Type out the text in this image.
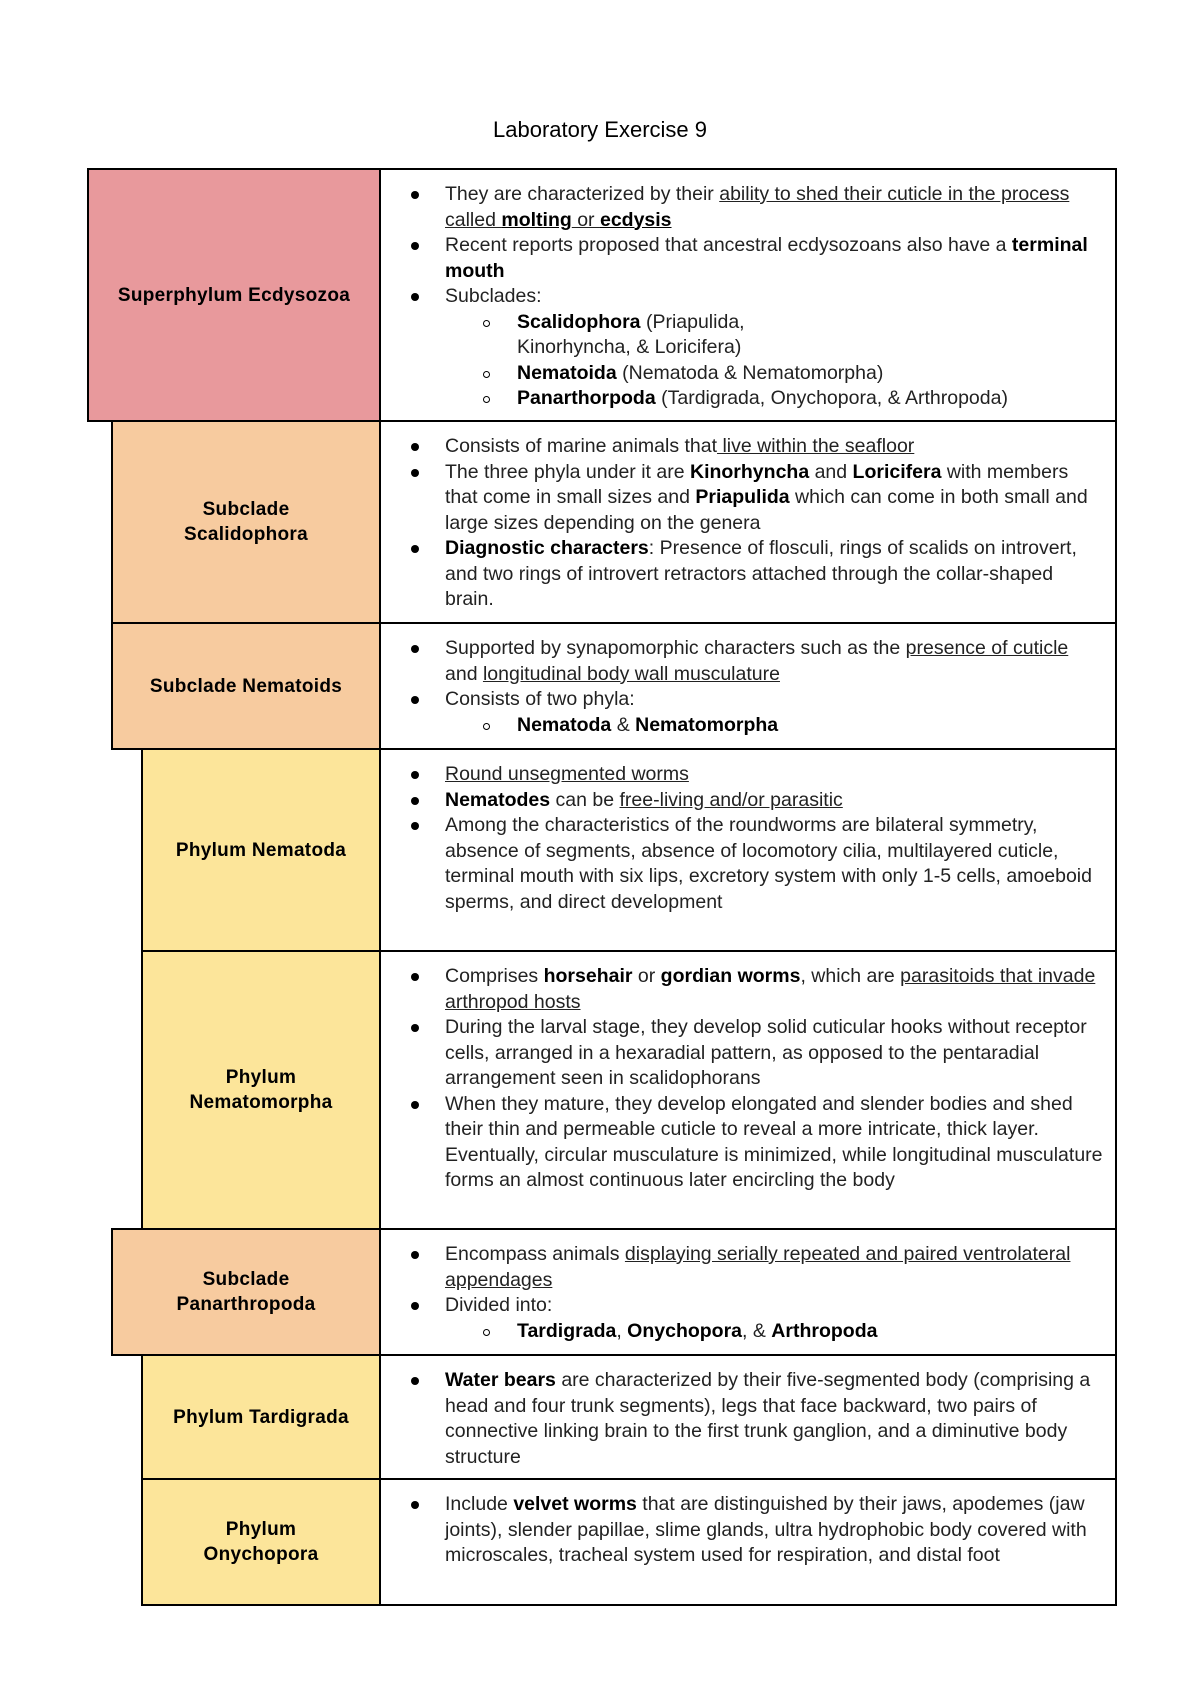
Laboratory Exercise 9
Superphylum Ecdysozoa
They are characterized by their ability to shed their cuticle in the process called molting or ecdysis
Recent reports proposed that ancestral ecdysozoans also have a terminal mouth
Subclades:
Scalidophora (Priapulida, Kinorhyncha, & Loricifera)
Nematoida (Nematoda & Nematomorpha)
Panarthorpoda (Tardigrada, Onychopora, & Arthropoda)
Subclade Scalidophora
Consists of marine animals that live within the seafloor
The three phyla under it are Kinorhyncha and Loricifera with members that come in small sizes and Priapulida which can come in both small and large sizes depending on the genera
Diagnostic characters: Presence of flosculi, rings of scalids on introvert, and two rings of introvert retractors attached through the collar-shaped brain.
Subclade Nematoids
Supported by synapomorphic characters such as the presence of cuticle and longitudinal body wall musculature
Consists of two phyla:
Nematoda & Nematomorpha
Phylum Nematoda
Round unsegmented worms
Nematodes can be free-living and/or parasitic
Among the characteristics of the roundworms are bilateral symmetry, absence of segments, absence of locomotory cilia, multilayered cuticle, terminal mouth with six lips, excretory system with only 1-5 cells, amoeboid sperms, and direct development
Phylum Nematomorpha
Comprises horsehair or gordian worms, which are parasitoids that invade arthropod hosts
During the larval stage, they develop solid cuticular hooks without receptor cells, arranged in a hexaradial pattern, as opposed to the pentaradial arrangement seen in scalidophorans
When they mature, they develop elongated and slender bodies and shed their thin and permeable cuticle to reveal a more intricate, thick layer. Eventually, circular musculature is minimized, while longitudinal musculature forms an almost continuous later encircling the body
Subclade Panarthropoda
Encompass animals displaying serially repeated and paired ventrolateral appendages
Divided into:
Tardigrada, Onychopora, & Arthropoda
Phylum Tardigrada
Water bears are characterized by their five-segmented body (comprising a head and four trunk segments), legs that face backward, two pairs of connective linking brain to the first trunk ganglion, and a diminutive body structure
Phylum Onychopora
Include velvet worms that are distinguished by their jaws, apodemes (jaw joints), slender papillae, slime glands, ultra hydrophobic body covered with microscales, tracheal system used for respiration, and distal foot
